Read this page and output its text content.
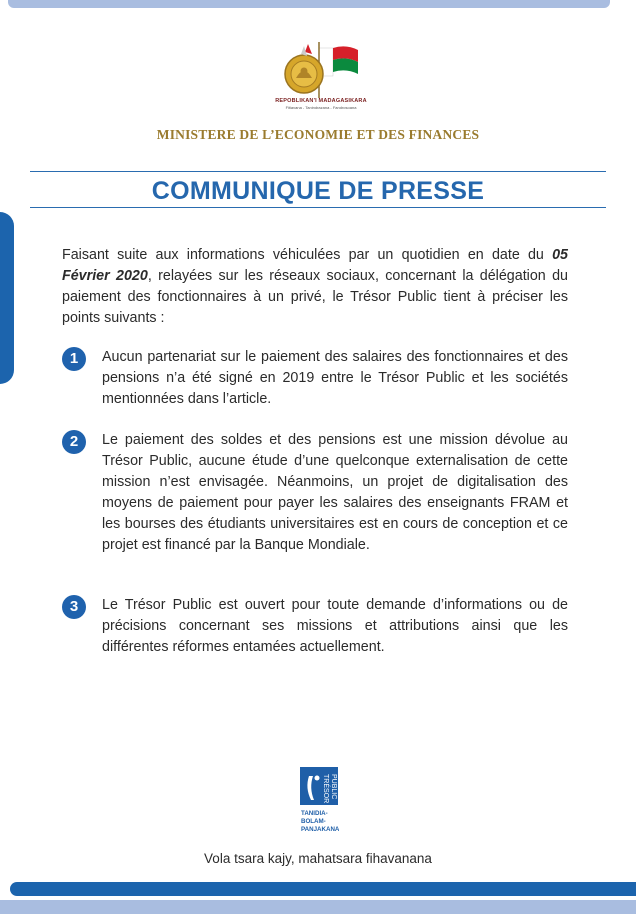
REPOBLIKAN'I MADAGASIKARA
Fitiavana - Tanindrazana - Fandrosoana
MINISTERE DE L’ECONOMIE ET DES FINANCES
COMMUNIQUE DE PRESSE

Faisant suite aux informations véhiculées par un quotidien en date du 05 Février 2020, relayées sur les réseaux sociaux, concernant la délégation du paiement des fonctionnaires à un privé, le Trésor Public tient à préciser les points suivants :

1	Aucun partenariat sur le paiement des salaires des fonctionnaires et des pensions n’a été signé en 2019 entre le Trésor Public et les sociétés mentionnées dans l’article.

2	Le paiement des soldes et des pensions est une mission dévolue au Trésor Public, aucune étude d’une quelconque externalisation de cette mission n’est envisagée. Néanmoins, un projet de digitalisation des moyens de paiement pour payer les salaires des enseignants FRAM et les bourses des étudiants universitaires est en cours de conception et ce projet est financé par la Banque Mondiale.

3	Le Trésor Public est ouvert pour toute demande d’informations ou de précisions concernant ses missions et attributions ainsi que les différentes réformes entamées actuellement.

TRÉSOR PUBLIC
TANIDIA-
BOLAM-
PANJAKANA
Vola tsara kajy, mahatsara fihavanana
